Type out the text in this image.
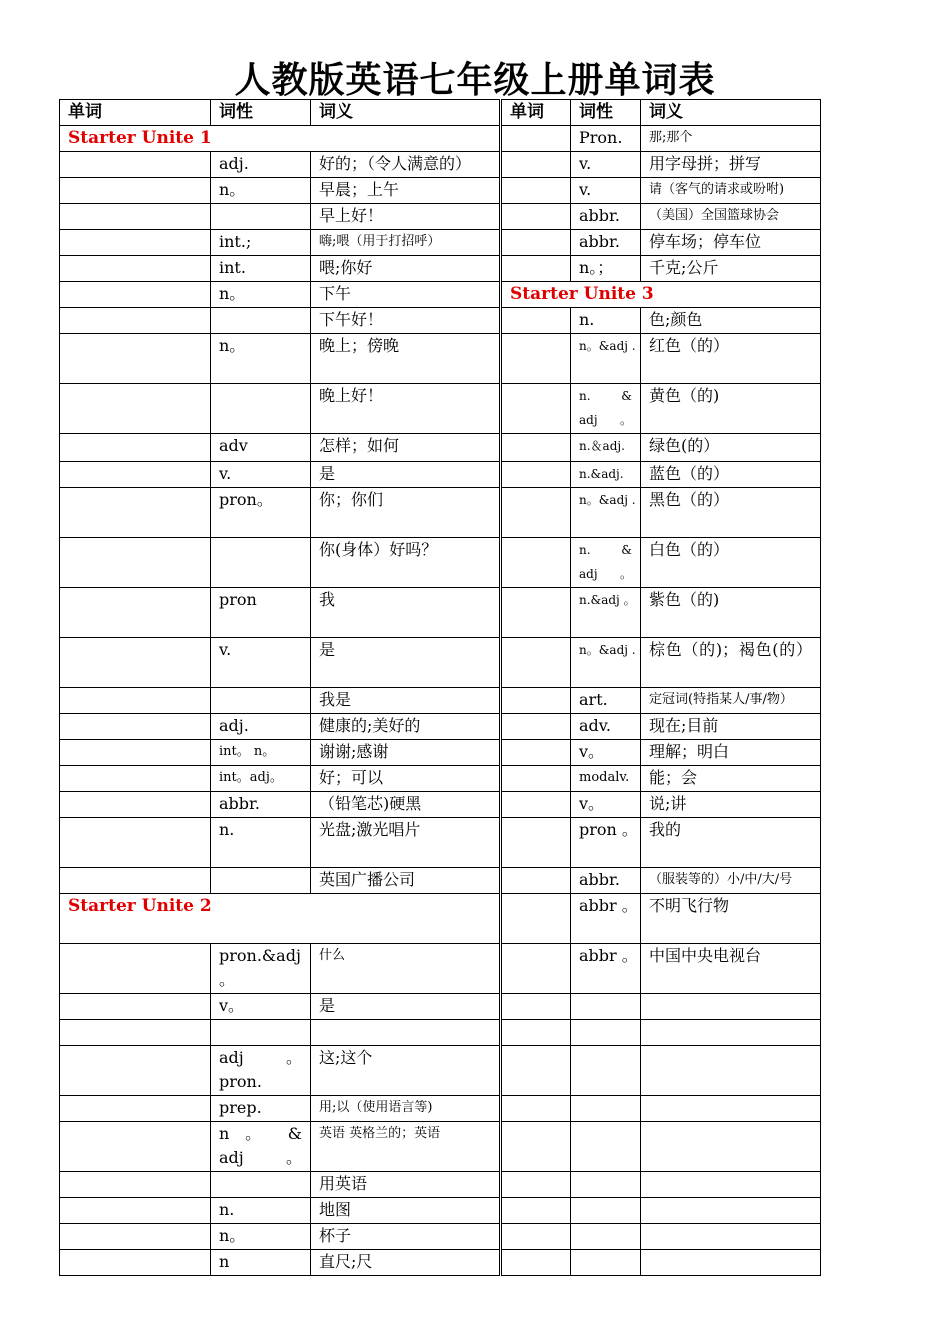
人教版英语七年级上册单词表
单词	词性	词义	单词	词性	词义
Starter Unite 1				Pron.	那;那个
	adj.	好的；（令人满意的）		v.	用字母拼；拼写
	n。	早晨；上午		v.	请（客气的请求或吩咐)
		早上好！		abbr.	（美国）全国篮球协会
	int.;	嗨;喂（用于打招呼）		abbr.	停车场；停车位
	int.	喂;你好		n。；	千克;公斤
	n。	下午	Starter Unite 3		
		下午好！		n.	色;颜色
	n。	晚上；傍晚		n。&adj .	红色（的）
		晚上好！		n. & adj。	黄色（的)
	adv	怎样；如何		n.＆adj.	绿色(的）
	v.	是		n.&adj.	蓝色（的）
	pron。	你；你们		n。&adj .	黑色（的）
		你(身体）好吗？		n. & adj。	白色（的）
	pron	我		n.&adj 。	紫色（的)
	v.	是		n。&adj .	棕色（的)；褐色(的）
		我是		art.	定冠词(特指某人/事/物）
	adj.	健康的;美好的		adv.	现在;目前
	int。 n。	谢谢;感谢		v。	理解；明白
	int。adj。	好；可以		modalv.	能；会
	abbr.	（铅笔芯)硬黑		v。	说;讲
	n.	光盘;激光唱片		pron 。	我的
		英国广播公司		abbr.	（服装等的）小/中/大/号
Starter Unite 2				abbr 。	不明飞行物
	pron.&adj 。	什么		abbr 。	中国中央电视台
	v。	是			

	adj 。 pron.	这;这个			
	prep.	用;以（使用语言等)			
	n 。 & adj。	英语 英格兰的；英语			
		用英语			
	n.	地图			
	n。	杯子			
	n	直尺;尺			
